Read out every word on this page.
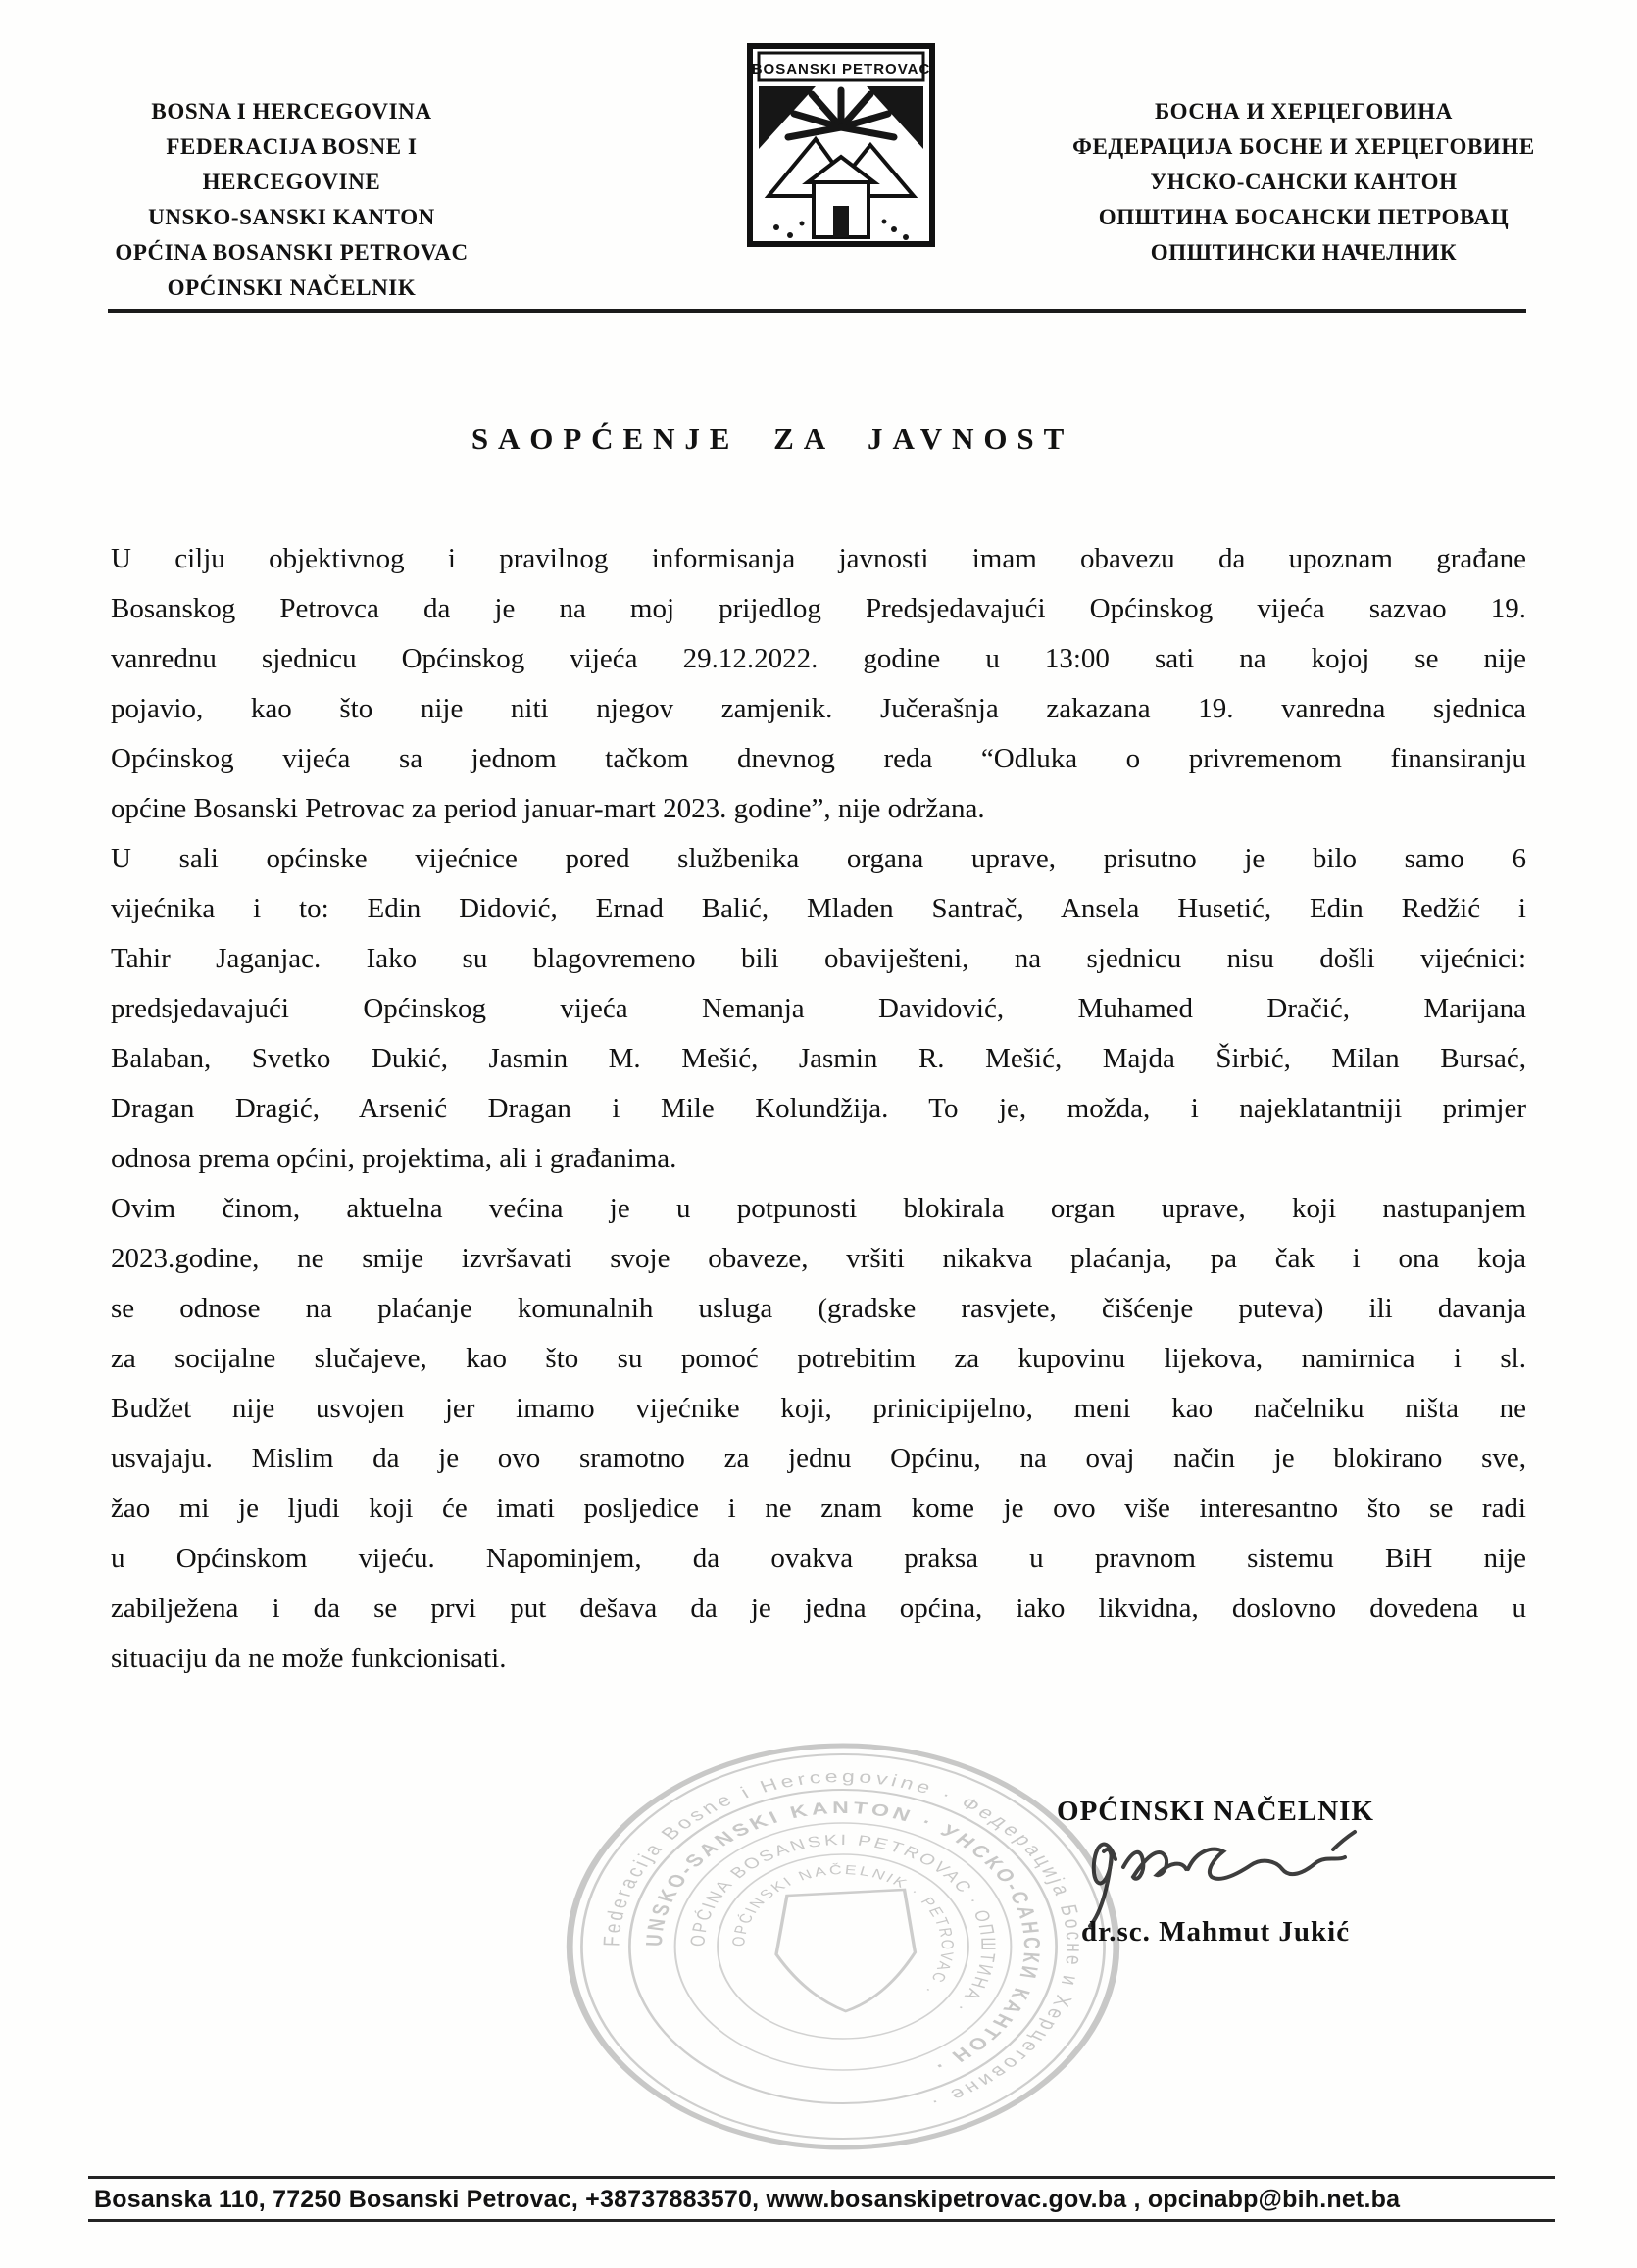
BOSNA I HERCEGOVINA
FEDERACIJA BOSNE I HERCEGOVINE
UNSKO-SANSKI KANTON
OPĆINA BOSANSKI PETROVAC
OPĆINSKI NAČELNIK
BOSANSKI PETROVAC
БОСНА И ХЕРЦЕГОВИНА
ФЕДЕРАЦИЈА БОСНЕ И ХЕРЦЕГОВИНЕ
УНСКО-САНСКИ КАНТОН
ОПШТИНА БОСАНСКИ ПЕТРОВАЦ
ОПШТИНСКИ НАЧЕЛНИК
SAOPĆENJE ZA JAVNOST
U cilju objektivnog i pravilnog informisanja javnosti imam obavezu da upoznam građane
Bosanskog Petrovca da je na moj prijedlog Predsjedavajući Općinskog vijeća sazvao 19.
vanrednu sjednicu Općinskog vijeća 29.12.2022. godine u 13:00 sati na kojoj se nije
pojavio, kao što nije niti njegov zamjenik. Jučerašnja zakazana 19. vanredna sjednica
Općinskog vijeća sa jednom tačkom dnevnog reda “Odluka o privremenom finansiranju
općine Bosanski Petrovac za period januar-mart 2023. godine”, nije održana.
U sali općinske vijećnice pored službenika organa uprave, prisutno je bilo samo 6
vijećnika i to: Edin Didović, Ernad Balić, Mladen Santrač, Ansela Husetić, Edin Redžić i
Tahir Jaganjac. Iako su blagovremeno bili obaviješteni, na sjednicu nisu došli vijećnici:
predsjedavajući Općinskog vijeća Nemanja Davidović, Muhamed Dračić, Marijana
Balaban, Svetko Dukić, Jasmin M. Mešić, Jasmin R. Mešić, Majda Širbić, Milan Bursać,
Dragan Dragić, Arsenić Dragan i Mile Kolundžija. To je, možda, i najeklatantniji primjer
odnosa prema općini, projektima, ali i građanima.
Ovim činom, aktuelna većina je u potpunosti blokirala organ uprave, koji nastupanjem
2023.godine, ne smije izvršavati svoje obaveze, vršiti nikakva plaćanja, pa čak i ona koja
se odnose na plaćanje komunalnih usluga (gradske rasvjete, čišćenje puteva) ili davanja
za socijalne slučajeve, kao što su pomoć potrebitim za kupovinu lijekova, namirnica i sl.
Budžet nije usvojen jer imamo vijećnike koji, prinicipijelno, meni kao načelniku ništa ne
usvajaju. Mislim da je ovo sramotno za jednu Općinu, na ovaj način je blokirano sve,
žao mi je ljudi koji će imati posljedice i ne znam kome je ovo više interesantno što se radi
u Općinskom vijeću. Napominjem, da ovakva praksa u pravnom sistemu BiH nije
zabilježena i da se prvi put dešava da je jedna općina, iako likvidna, doslovno dovedena u
situaciju da ne može funkcionisati.
Federacija Bosne i Hercegovine · Федерација Босне и Херцеговине ·
UNSKO-SANSKI KANTON · УНСКО-САНСКИ КАНТОН ·
OPĆINA BOSANSKI PETROVAC · ОПШТИНА ·
OPĆINSKI NAČELNIK · PETROVAC ·
OPĆINSKI NAČELNIK
dr.sc. Mahmut Jukić
Bosanska 110, 77250 Bosanski Petrovac, +38737883570, www.bosanskipetrovac.gov.ba , opcinabp@bih.net.ba
